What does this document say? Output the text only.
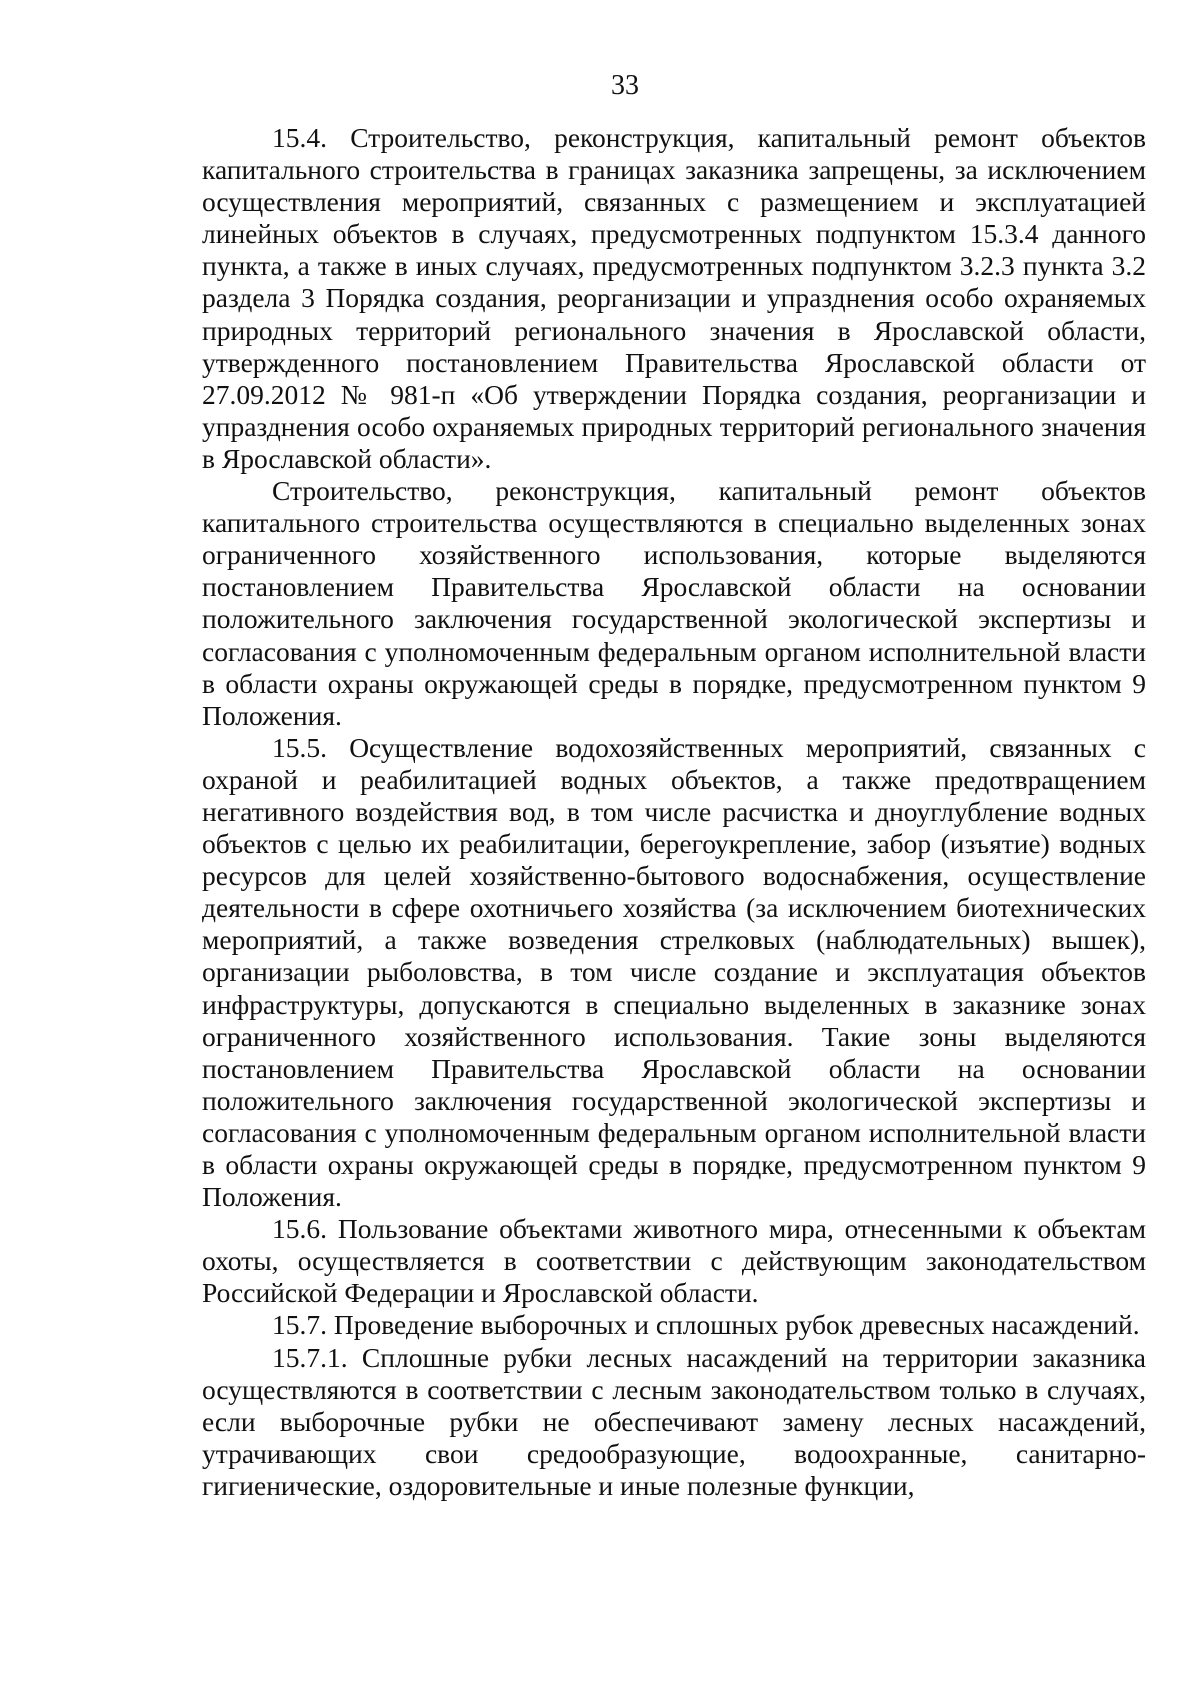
33

15.4. Строительство, реконструкция, капитальный ремонт объектов капитального строительства в границах заказника запрещены, за исключением осуществления мероприятий, связанных с размещением и эксплуатацией линейных объектов в случаях, предусмотренных подпунктом 15.3.4 данного пункта, а также в иных случаях, предусмотренных подпунктом 3.2.3 пункта 3.2 раздела 3 Порядка создания, реорганизации и упразднения особо охраняемых природных территорий регионального значения в Ярославской области, утвержденного постановлением Правительства Ярославской области от 27.09.2012 № 981-п «Об утверждении Порядка создания, реорганизации и упразднения особо охраняемых природных территорий регионального значения в Ярославской области».

Строительство, реконструкция, капитальный ремонт объектов капитального строительства осуществляются в специально выделенных зонах ограниченного хозяйственного использования, которые выделяются постановлением Правительства Ярославской области на основании положительного заключения государственной экологической экспертизы и согласования с уполномоченным федеральным органом исполнительной власти в области охраны окружающей среды в порядке, предусмотренном пунктом 9 Положения.

15.5. Осуществление водохозяйственных мероприятий, связанных с охраной и реабилитацией водных объектов, а также предотвращением негативного воздействия вод, в том числе расчистка и дноуглубление водных объектов с целью их реабилитации, берегоукрепление, забор (изъятие) водных ресурсов для целей хозяйственно-бытового водоснабжения, осуществление деятельности в сфере охотничьего хозяйства (за исключением биотехнических мероприятий, а также возведения стрелковых (наблюдательных) вышек), организации рыболовства, в том числе создание и эксплуатация объектов инфраструктуры, допускаются в специально выделенных в заказнике зонах ограниченного хозяйственного использования. Такие зоны выделяются постановлением Правительства Ярославской области на основании положительного заключения государственной экологической экспертизы и согласования с уполномоченным федеральным органом исполнительной власти в области охраны окружающей среды в порядке, предусмотренном пунктом 9 Положения.

15.6. Пользование объектами животного мира, отнесенными к объектам охоты, осуществляется в соответствии с действующим законодательством Российской Федерации и Ярославской области.

15.7. Проведение выборочных и сплошных рубок древесных насаждений.

15.7.1. Сплошные рубки лесных насаждений на территории заказника осуществляются в соответствии с лесным законодательством только в случаях, если выборочные рубки не обеспечивают замену лесных насаждений, утрачивающих свои средообразующие, водоохранные, санитарно-гигиенические, оздоровительные и иные полезные функции,
